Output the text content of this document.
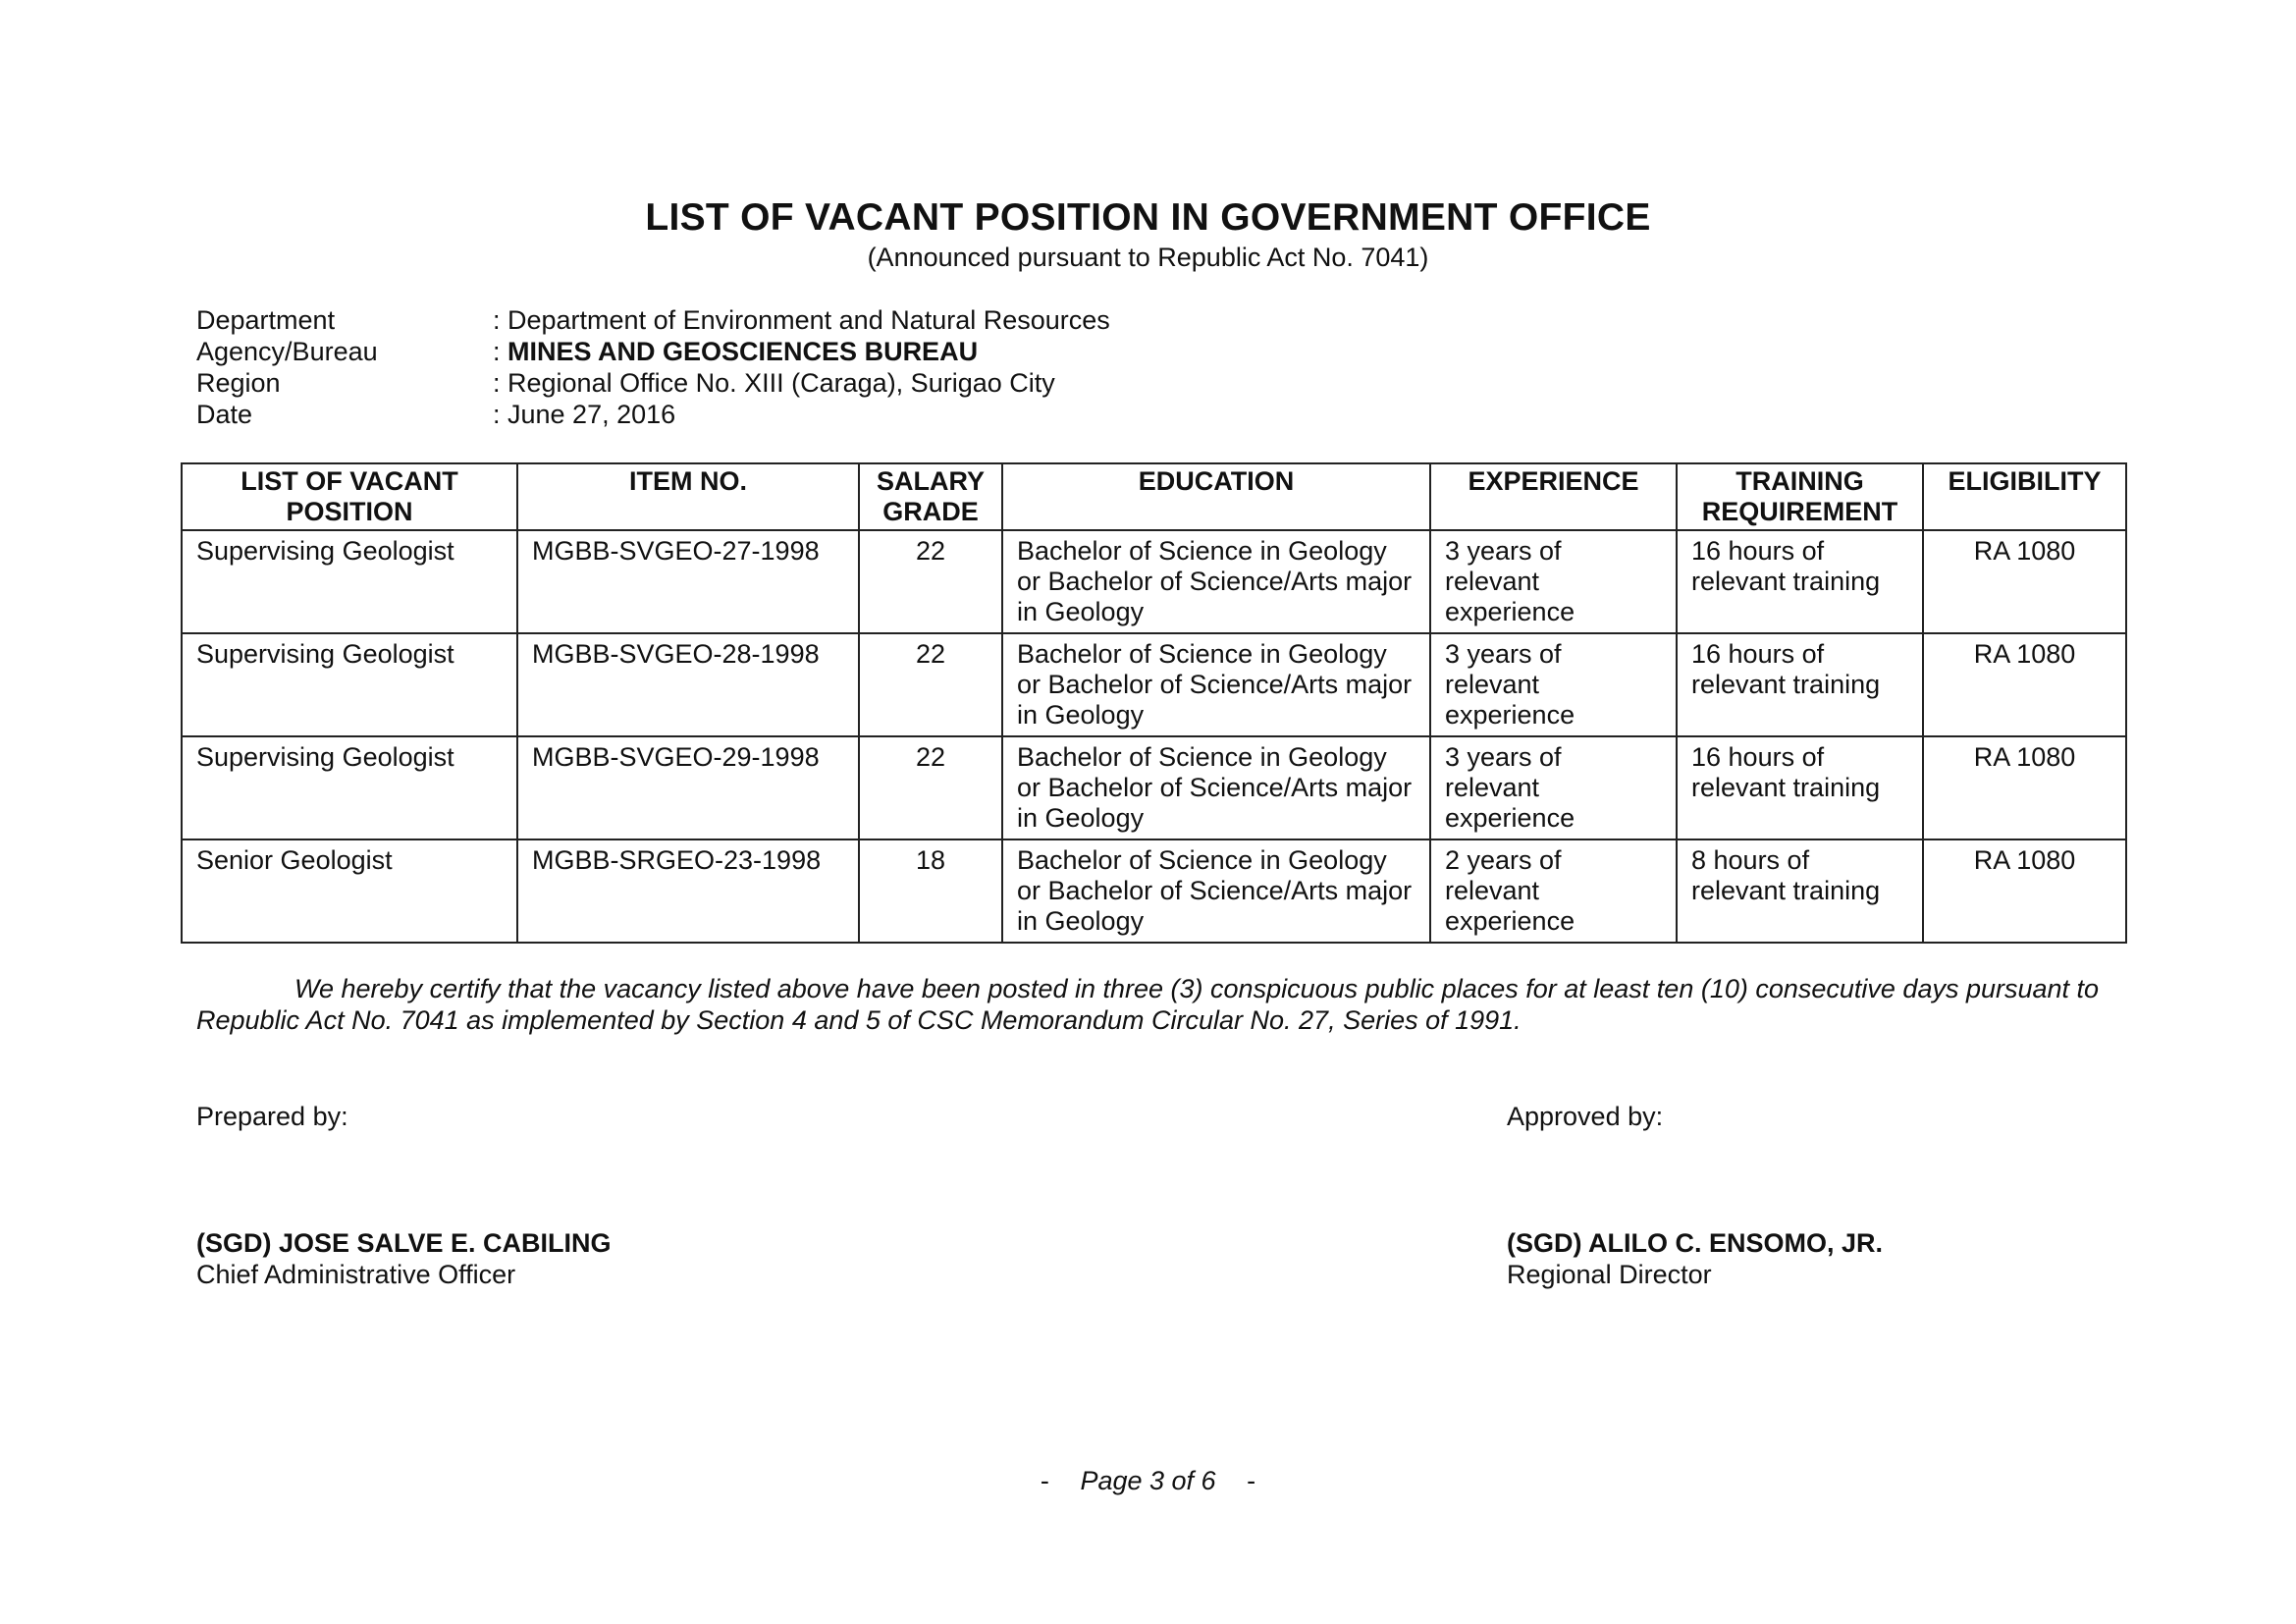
LIST OF VACANT POSITION IN GOVERNMENT OFFICE
(Announced pursuant to Republic Act No. 7041)
Department	: Department of Environment and Natural Resources
Agency/Bureau	: MINES AND GEOSCIENCES BUREAU
Region	: Regional Office No. XIII (Caraga), Surigao City
Date	: June 27, 2016
LIST OF VACANT POSITION	ITEM NO.	SALARY GRADE	EDUCATION	EXPERIENCE	TRAINING REQUIREMENT	ELIGIBILITY
Supervising Geologist	MGBB-SVGEO-27-1998	22	Bachelor of Science in Geology or Bachelor of Science/Arts major in Geology	3 years of relevant experience	16 hours of relevant training	RA 1080
Supervising Geologist	MGBB-SVGEO-28-1998	22	Bachelor of Science in Geology or Bachelor of Science/Arts major in Geology	3 years of relevant experience	16 hours of relevant training	RA 1080
Supervising Geologist	MGBB-SVGEO-29-1998	22	Bachelor of Science in Geology or Bachelor of Science/Arts major in Geology	3 years of relevant experience	16 hours of relevant training	RA 1080
Senior Geologist	MGBB-SRGEO-23-1998	18	Bachelor of Science in Geology or Bachelor of Science/Arts major in Geology	2 years of relevant experience	8 hours of relevant training	RA 1080
We hereby certify that the vacancy listed above have been posted in three (3) conspicuous public places for at least ten (10) consecutive days pursuant to Republic Act No. 7041 as implemented by Section 4 and 5 of CSC Memorandum Circular No. 27, Series of 1991.
Prepared by:	Approved by:
(SGD) JOSE SALVE E. CABILING
Chief Administrative Officer
(SGD) ALILO C. ENSOMO, JR.
Regional Director
- Page 3 of 6 -
